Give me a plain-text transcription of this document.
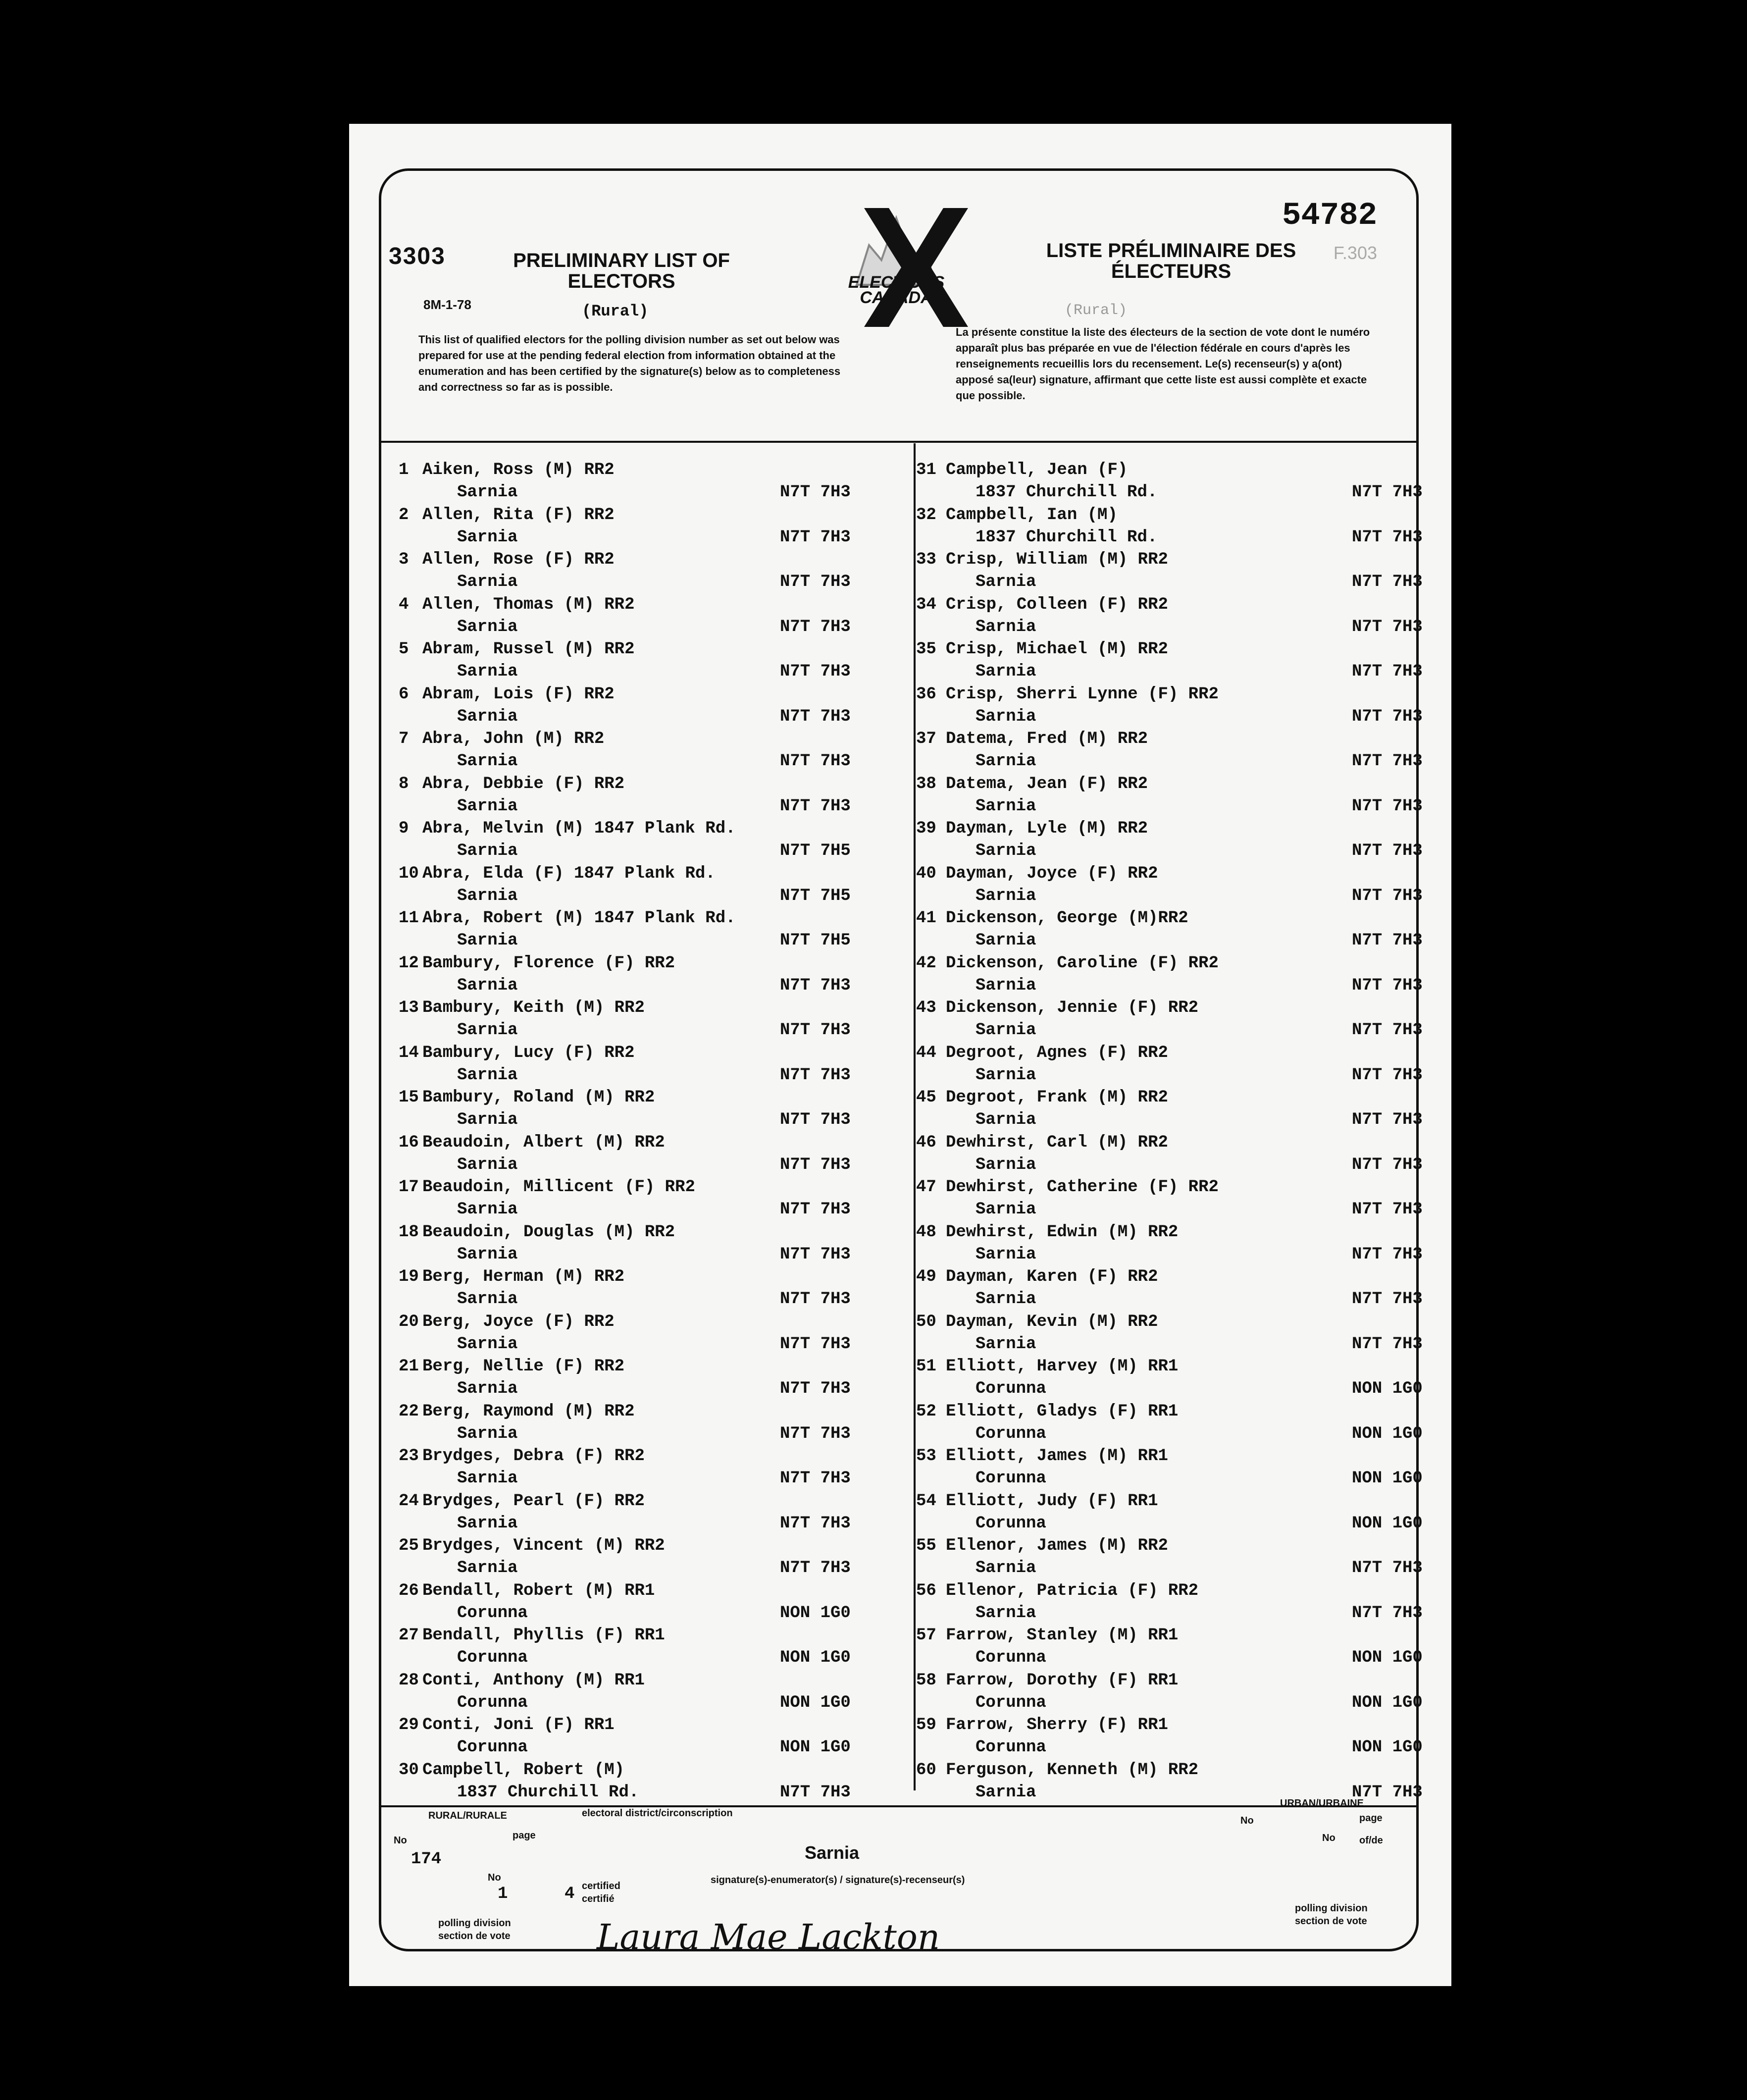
3303	F.303
8M-1-78
54782
PRELIMINARY LIST OF ELECTORS
(Rural)
LISTE PRÉLIMINAIRE DES ÉLECTEURS
(Rural)
ELECTIONS CANADA
This list of qualified electors for the polling division number as set out below was prepared for use at the pending federal election from information obtained at the enumeration and has been certified by the signature(s) below as to completeness and correctness so far as is possible.
La présente constitue la liste des électeurs de la section de vote dont le numéro apparaît plus bas préparée en vue de l'élection fédérale en cours d'après les renseignements recueillis lors du recensement. Le(s) recenseur(s) y a(ont) apposé sa(leur) signature, affirmant que cette liste est aussi complète et exacte que possible.
1 Aiken, Ross (M) RR2
Sarnia	N7T 7H3
2 Allen, Rita (F) RR2
Sarnia	N7T 7H3
3 Allen, Rose (F) RR2
Sarnia	N7T 7H3
4 Allen, Thomas (M) RR2
Sarnia	N7T 7H3
5 Abram, Russel (M) RR2
Sarnia	N7T 7H3
6 Abram, Lois (F) RR2
Sarnia	N7T 7H3
7 Abra, John (M) RR2
Sarnia	N7T 7H3
8 Abra, Debbie (F) RR2
Sarnia	N7T 7H3
9 Abra, Melvin (M) 1847 Plank Rd.
Sarnia	N7T 7H5
10 Abra, Elda (F) 1847 Plank Rd.
Sarnia	N7T 7H5
11 Abra, Robert (M) 1847 Plank Rd.
Sarnia	N7T 7H5
12 Bambury, Florence (F) RR2
Sarnia	N7T 7H3
13 Bambury, Keith (M) RR2
Sarnia	N7T 7H3
14 Bambury, Lucy (F) RR2
Sarnia	N7T 7H3
15 Bambury, Roland (M) RR2
Sarnia	N7T 7H3
16 Beaudoin, Albert (M) RR2
Sarnia	N7T 7H3
17 Beaudoin, Millicent (F) RR2
Sarnia	N7T 7H3
18 Beaudoin, Douglas (M) RR2
Sarnia	N7T 7H3
19 Berg, Herman (M) RR2
Sarnia	N7T 7H3
20 Berg, Joyce (F) RR2
Sarnia	N7T 7H3
21 Berg, Nellie (F) RR2
Sarnia	N7T 7H3
22 Berg, Raymond (M) RR2
Sarnia	N7T 7H3
23 Brydges, Debra (F) RR2
Sarnia	N7T 7H3
24 Brydges, Pearl (F) RR2
Sarnia	N7T 7H3
25 Brydges, Vincent (M) RR2
Sarnia	N7T 7H3
26 Bendall, Robert (M) RR1
Corunna	NON 1G0
27 Bendall, Phyllis (F) RR1
Corunna	NON 1G0
28 Conti, Anthony (M) RR1
Corunna	NON 1G0
29 Conti, Joni (F) RR1
Corunna	NON 1G0
30 Campbell, Robert (M)
1837 Churchill Rd.	N7T 7H3
31 Campbell, Jean (F)
1837 Churchill Rd.	N7T 7H3
32 Campbell, Ian (M)
1837 Churchill Rd.	N7T 7H3
33 Crisp, William (M) RR2
Sarnia	N7T 7H3
34 Crisp, Colleen (F) RR2
Sarnia	N7T 7H3
35 Crisp, Michael (M) RR2
Sarnia	N7T 7H3
36 Crisp, Sherri Lynne (F) RR2
Sarnia	N7T 7H3
37 Datema, Fred (M) RR2
Sarnia	N7T 7H3
38 Datema, Jean (F) RR2
Sarnia	N7T 7H3
39 Dayman, Lyle (M) RR2
Sarnia	N7T 7H3
40 Dayman, Joyce (F) RR2
Sarnia	N7T 7H3
41 Dickenson, George (M)RR2
Sarnia	N7T 7H3
42 Dickenson, Caroline (F) RR2
Sarnia	N7T 7H3
43 Dickenson, Jennie (F) RR2
Sarnia	N7T 7H3
44 Degroot, Agnes (F) RR2
Sarnia	N7T 7H3
45 Degroot, Frank (M) RR2
Sarnia	N7T 7H3
46 Dewhirst, Carl (M) RR2
Sarnia	N7T 7H3
47 Dewhirst, Catherine (F) RR2
Sarnia	N7T 7H3
48 Dewhirst, Edwin (M) RR2
Sarnia	N7T 7H3
49 Dayman, Karen (F) RR2
Sarnia	N7T 7H3
50 Dayman, Kevin (M) RR2
Sarnia	N7T 7H3
51 Elliott, Harvey (M) RR1
Corunna	NON 1G0
52 Elliott, Gladys (F) RR1
Corunna	NON 1G0
53 Elliott, James (M) RR1
Corunna	NON 1G0
54 Elliott, Judy (F) RR1
Corunna	NON 1G0
55 Ellenor, James (M) RR2
Sarnia	N7T 7H3
56 Ellenor, Patricia (F) RR2
Sarnia	N7T 7H3
57 Farrow, Stanley (M) RR1
Corunna	NON 1G0
58 Farrow, Dorothy (F) RR1
Corunna	NON 1G0
59 Farrow, Sherry (F) RR1
Corunna	NON 1G0
60 Ferguson, Kenneth (M) RR2
Sarnia	N7T 7H3
RURAL/RURALE
URBAN/URBAINE
electoral district/circonscription
Sarnia
No	page
No
No	page
No of/de
174
1	4 certified certifié
signature(s)-enumerator(s) / signature(s)-recenseur(s)
polling division section de vote
polling division section de vote
Laura Mae Lackton
